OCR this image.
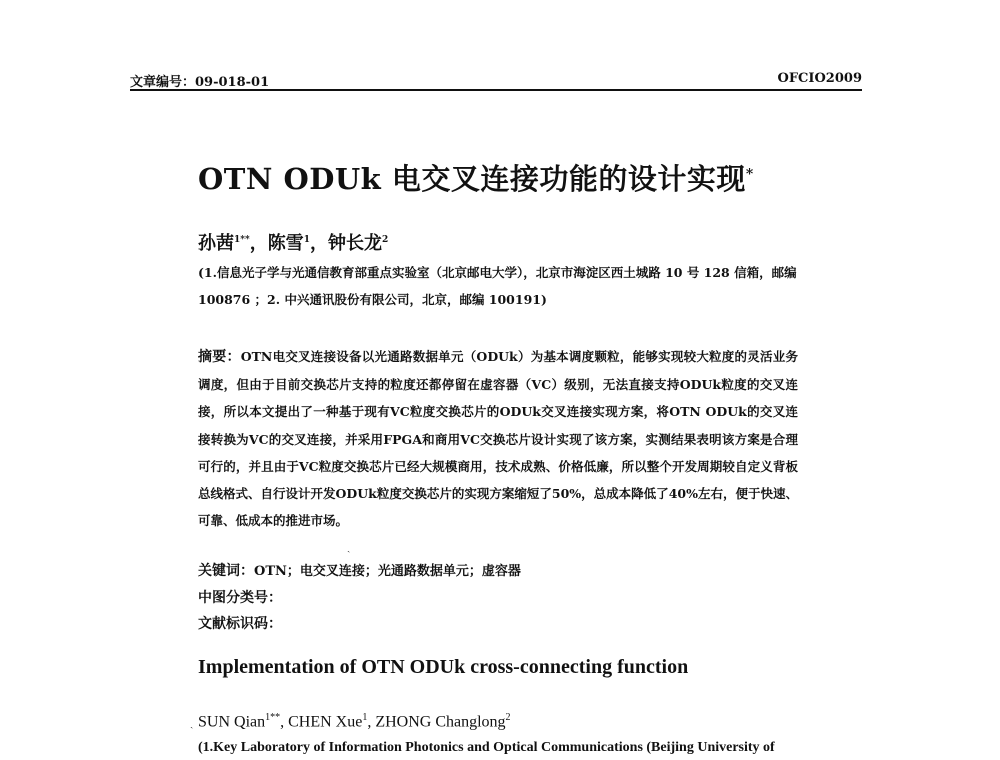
文章编号：09-018-01	OFCIO2009
OTN ODUk 电交叉连接功能的设计实现*
孙茜$^{1**}$，陈雪$^1$，钟长龙$^2$
(1.信息光子学与光通信教育部重点实验室（北京邮电大学），北京市海淀区西土城路 10 号 128 信箱，邮编 100876 ；2. 中兴通讯股份有限公司，北京，邮编 100191)
摘要：OTN电交叉连接设备以光通路数据单元（ODUk）为基本调度颗粒，能够实现较大粒度的灵活业务调度，但由于目前交换芯片支持的粒度还都停留在虚容器（VC）级别，无法直接支持ODUk粒度的交叉连接，所以本文提出了一种基于现有VC粒度交换芯片的ODUk交叉连接实现方案，将OTN ODUk的交叉连接转换为VC的交叉连接，并采用FPGA和商用VC交换芯片设计实现了该方案，实测结果表明该方案是合理可行的，并且由于VC粒度交换芯片已经大规模商用，技术成熟、价格低廉，所以整个开发周期较自定义背板总线格式、自行设计开发ODUk粒度交换芯片的实现方案缩短了50%，总成本降低了40%左右，便于快速、可靠、低成本的推进市场。
关键词：OTN；电交叉连接；光通路数据单元；虚容器
中图分类号：
文献标识码：
ˎ
ˎ
Implementation of OTN ODUk cross-connecting function
SUN Qian$^{1**}$, CHEN Xue$^1$, ZHONG Changlong$^2$
(1.Key Laboratory of Information Photonics and Optical Communications (Beijing University of
